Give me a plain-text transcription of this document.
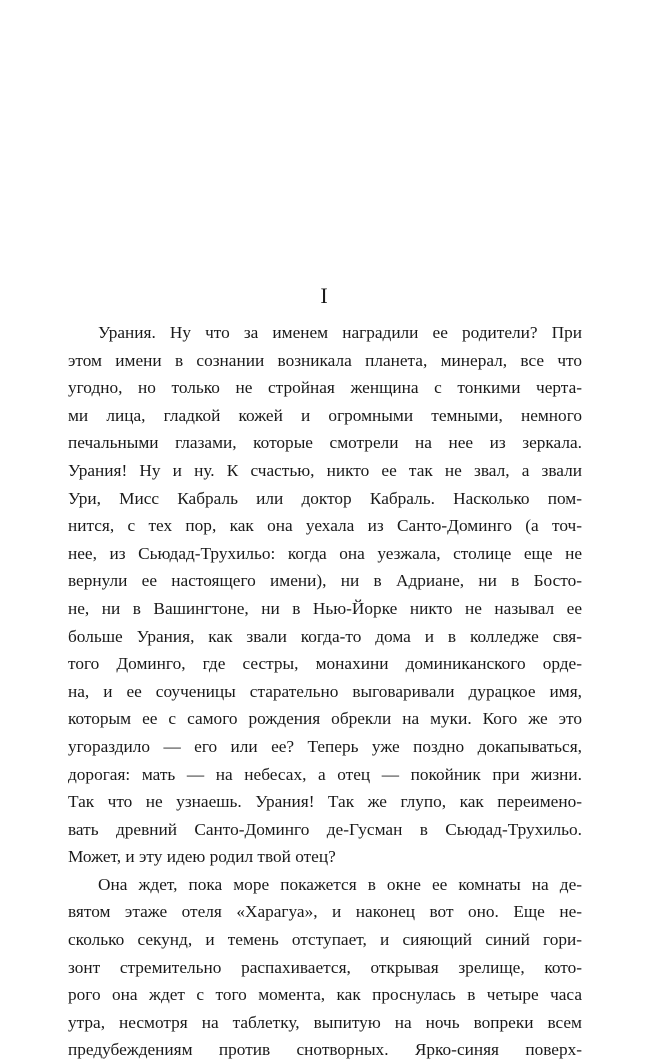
I
Урания. Ну что за именем наградили ее родители? При
этом имени в сознании возникала планета, минерал, все что
угодно, но только не стройная женщина с тонкими черта-
ми лица, гладкой кожей и огромными темными, немного
печальными глазами, которые смотрели на нее из зеркала.
Урания! Ну и ну. К счастью, никто ее так не звал, а звали
Ури, Мисс Кабраль или доктор Кабраль. Насколько пом-
нится, с тех пор, как она уехала из Санто-Доминго (а точ-
нее, из Сьюдад-Трухильо: когда она уезжала, столице еще не
вернули ее настоящего имени), ни в Адриане, ни в Босто-
не, ни в Вашингтоне, ни в Нью-Йорке никто не называл ее
больше Урания, как звали когда-то дома и в колледже свя-
того Доминго, где сестры, монахини доминиканского орде-
на, и ее соученицы старательно выговаривали дурацкое имя,
которым ее с самого рождения обрекли на муки. Кого же это
угораздило — его или ее? Теперь уже поздно докапываться,
дорогая: мать — на небесах, а отец — покойник при жизни.
Так что не узнаешь. Урания! Так же глупо, как переимено-
вать древний Санто-Доминго де-Гусман в Сьюдад-Трухильо.
Может, и эту идею родил твой отец?
Она ждет, пока море покажется в окне ее комнаты на де-
вятом этаже отеля «Харагуа», и наконец вот оно. Еще не-
сколько секунд, и темень отступает, и сияющий синий гори-
зонт стремительно распахивается, открывая зрелище, кото-
рого она ждет с того момента, как проснулась в четыре часа
утра, несмотря на таблетку, выпитую на ночь вопреки всем
предубеждениям против снотворных. Ярко-синяя поверх-
